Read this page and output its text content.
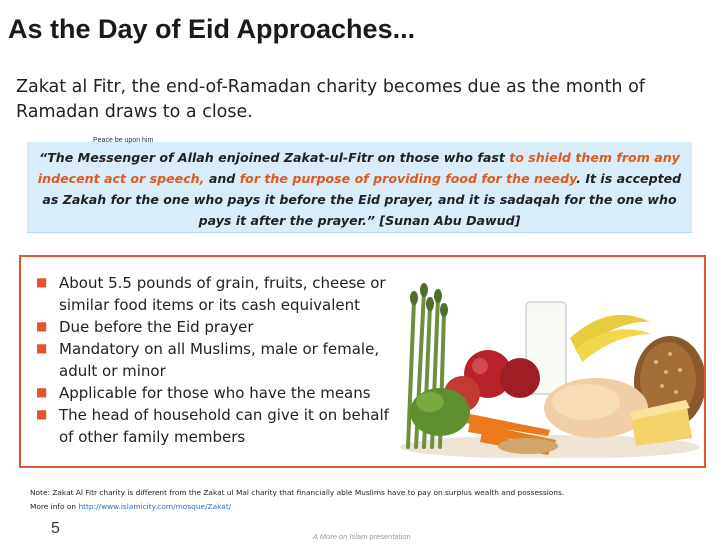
As the Day of Eid Approaches...
Zakat al Fitr, the end-of-Ramadan charity becomes due as the month of Ramadan draws to a close.
Peace be upon him
“The Messenger of Allah enjoined Zakat-ul-Fitr on those who fast to shield them from any indecent act or speech, and for the purpose of providing food for the needy. It is accepted as Zakah for the one who pays it before the Eid prayer, and it is sadaqah for the one who pays it after the prayer.” [Sunan Abu Dawud]
■ About 5.5 pounds of grain, fruits, cheese or similar food items or its cash equivalent
■ Due before the Eid prayer
■ Mandatory on all Muslims, male or female, adult or minor
■ Applicable for those who have the means
■ The head of household can give it on behalf of other family members
Note: Zakat Al Fitr charity is different from the Zakat ul Mal charity that financially able Muslims have to pay on surplus wealth and possessions.
More info on http://www.islamicity.com/mosque/Zakat/
5	A More on Islam presentation
